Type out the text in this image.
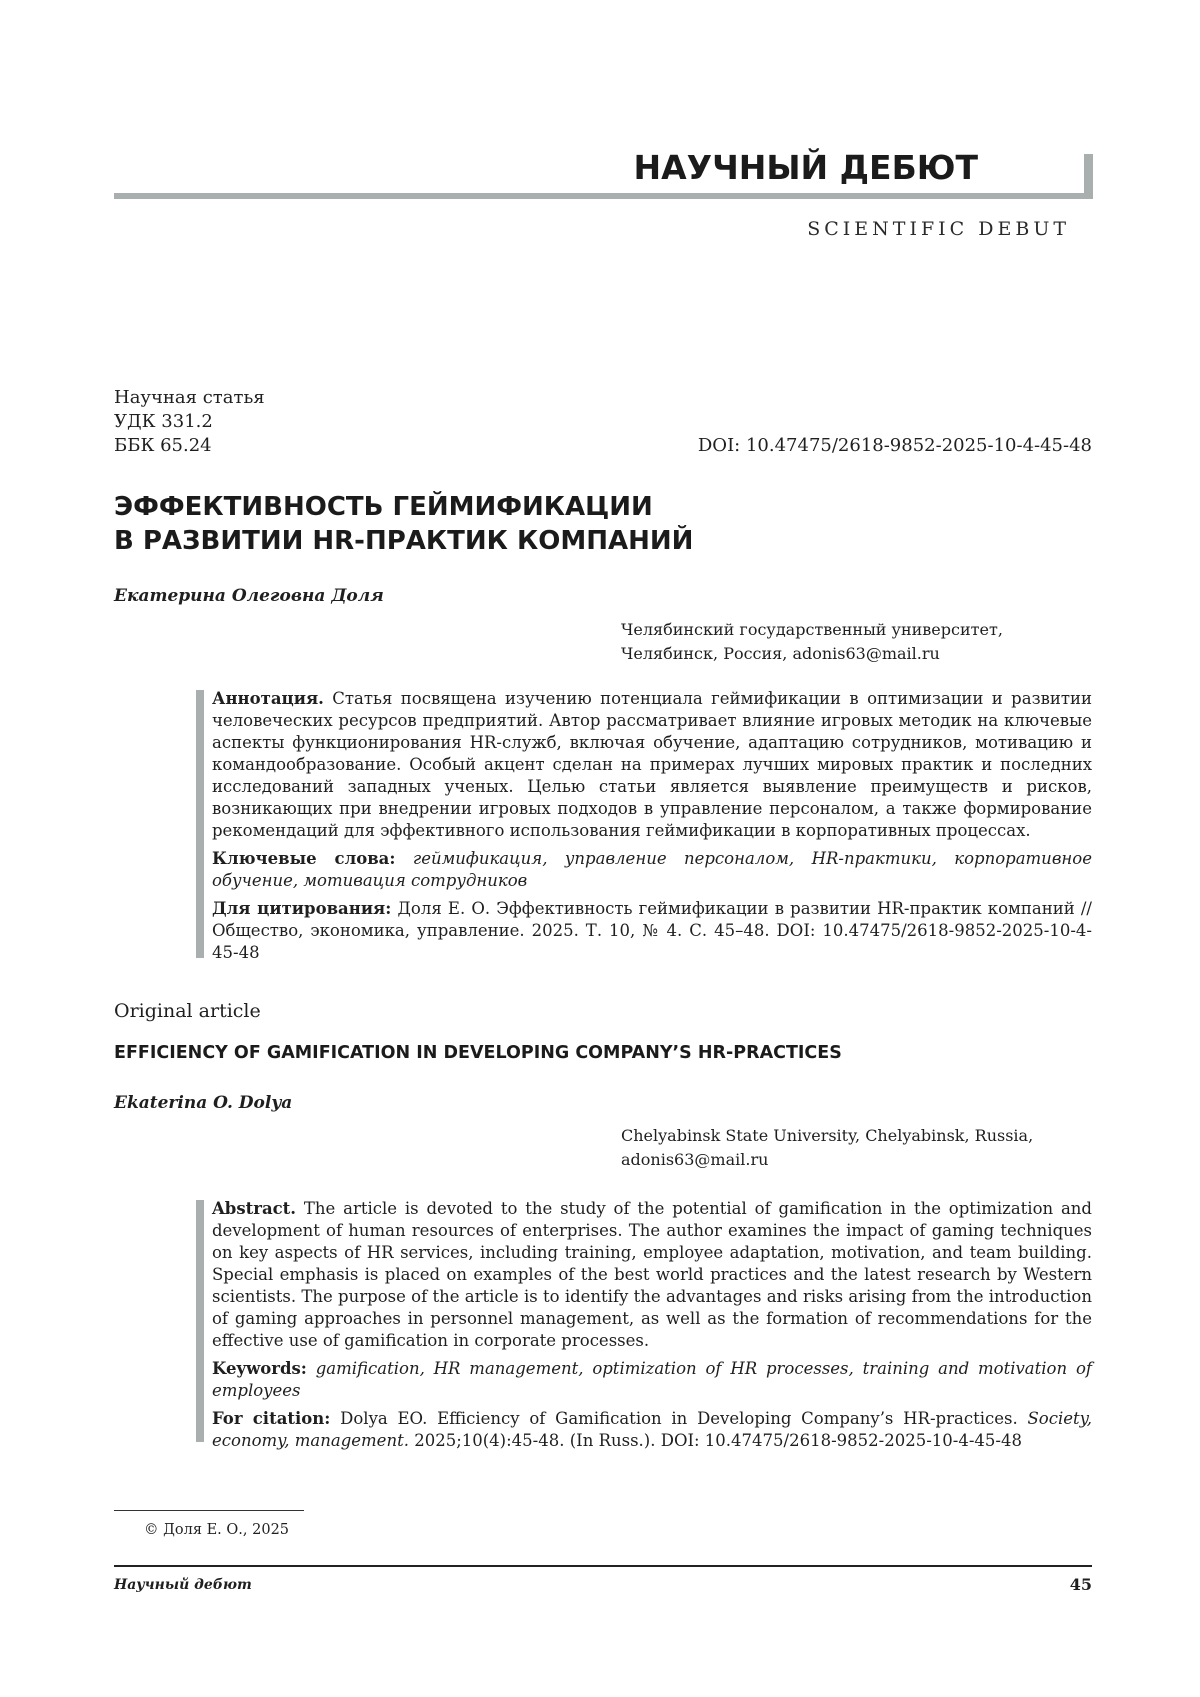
НАУЧНЫЙ ДЕБЮТ
SCIENTIFIC DEBUT
Научная статья
УДК 331.2
ББК 65.24	DOI: 10.47475/2618-9852-2025-10-4-45-48
ЭФФЕКТИВНОСТЬ ГЕЙМИФИКАЦИИ
В РАЗВИТИИ HR-ПРАКТИК КОМПАНИЙ
Екатерина Олеговна Доля
Челябинский государственный университет,
Челябинск, Россия, adonis63@mail.ru

Аннотация. Статья посвящена изучению потенциала геймификации в оптимизации и развитии человеческих ресурсов предприятий. Автор рассматривает влияние игровых методик на ключевые аспекты функционирования HR-служб, включая обучение, адаптацию сотрудников, мотивацию и командообразование. Особый акцент сделан на примерах лучших мировых практик и последних исследований западных ученых. Целью статьи является выявление преимуществ и рисков, возникающих при внедрении игровых подходов в управление персоналом, а также формирование рекомендаций для эффективного использования геймификации в корпоративных процессах.

Ключевые слова: геймификация, управление персоналом, HR-практики, корпоративное обучение, мотивация сотрудников

Для цитирования: Доля Е. О. Эффективность геймификации в развитии HR-практик компаний // Общество, экономика, управление. 2025. Т. 10, № 4. С. 45–48. DOI: 10.47475/2618-9852-2025-10-4-45-48

Original article
EFFICIENCY OF GAMIFICATION IN DEVELOPING COMPANY’S HR-PRACTICES
Ekaterina O. Dolya
Chelyabinsk State University, Chelyabinsk, Russia,
adonis63@mail.ru

Abstract. The article is devoted to the study of the potential of gamification in the optimization and development of human resources of enterprises. The author examines the impact of gaming techniques on key aspects of HR services, including training, employee adaptation, motivation, and team building. Special emphasis is placed on examples of the best world practices and the latest research by Western scientists. The purpose of the article is to identify the advantages and risks arising from the introduction of gaming approaches in personnel management, as well as the formation of recommendations for the effective use of gamification in corporate processes.

Keywords: gamification, HR management, optimization of HR processes, training and motivation of employees

For citation: Dolya EO. Efficiency of Gamification in Developing Company’s HR-practices. Society, economy, management. 2025;10(4):45-48. (In Russ.). DOI: 10.47475/2618-9852-2025-10-4-45-48

© Доля Е. О., 2025
Научный дебют	45
